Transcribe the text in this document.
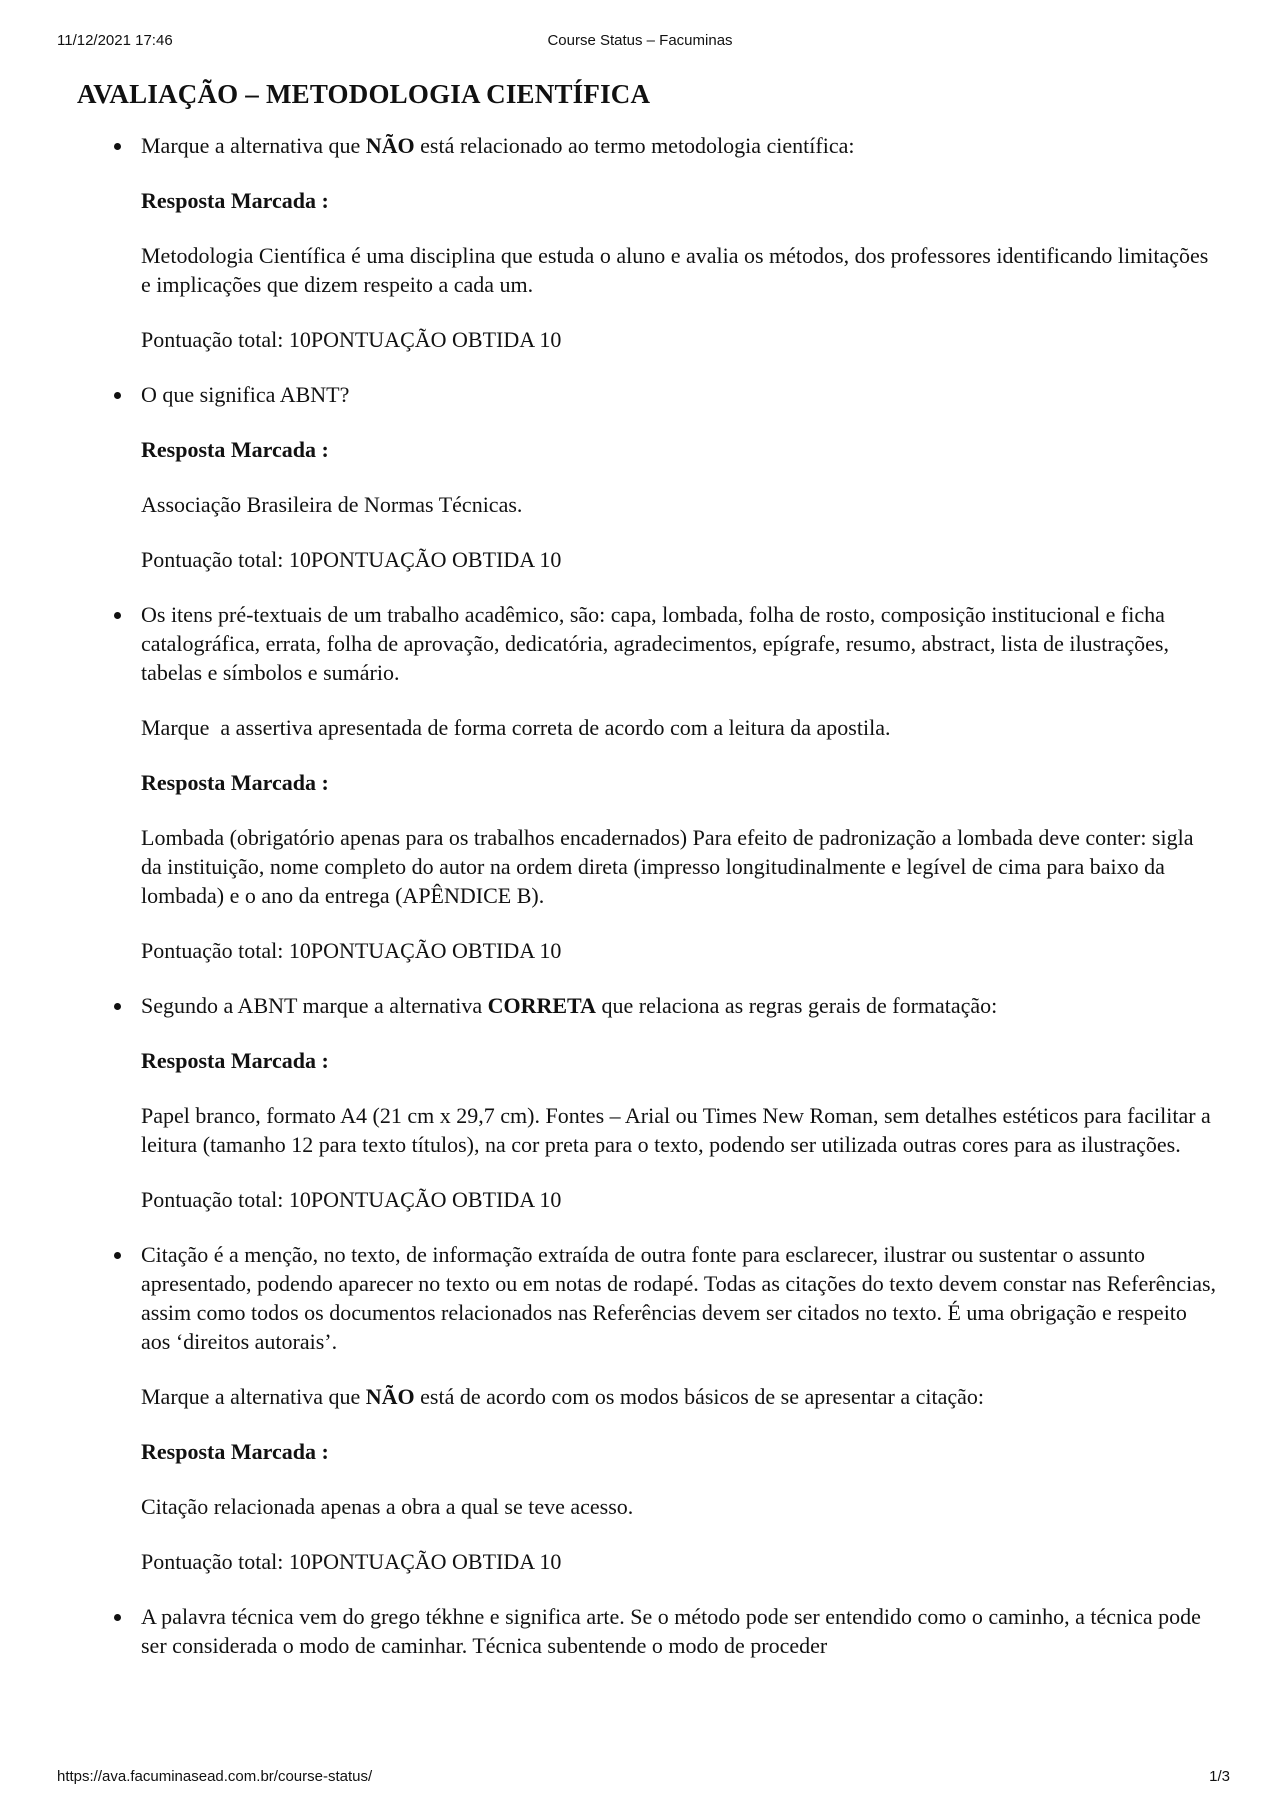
11/12/2021 17:46	Course Status – Facuminas
AVALIAÇÃO – METODOLOGIA CIENTÍFICA

Marque a alternativa que NÃO está relacionado ao termo metodologia científica:

Resposta Marcada :

Metodologia Científica é uma disciplina que estuda o aluno e avalia os métodos, dos professores identificando limitações e implicações que dizem respeito a cada um.

Pontuação total: 10PONTUAÇÃO OBTIDA 10

O que significa ABNT?

Resposta Marcada :

Associação Brasileira de Normas Técnicas.

Pontuação total: 10PONTUAÇÃO OBTIDA 10

Os itens pré-textuais de um trabalho acadêmico, são: capa, lombada, folha de rosto, composição institucional e ficha catalográfica, errata, folha de aprovação, dedicatória, agradecimentos, epígrafe, resumo, abstract, lista de ilustrações, tabelas e símbolos e sumário.

Marque  a assertiva apresentada de forma correta de acordo com a leitura da apostila.

Resposta Marcada :

Lombada (obrigatório apenas para os trabalhos encadernados) Para efeito de padronização a lombada deve conter: sigla da instituição, nome completo do autor na ordem direta (impresso longitudinalmente e legível de cima para baixo da lombada) e o ano da entrega (APÊNDICE B).

Pontuação total: 10PONTUAÇÃO OBTIDA 10

Segundo a ABNT marque a alternativa CORRETA que relaciona as regras gerais de formatação:

Resposta Marcada :

Papel branco, formato A4 (21 cm x 29,7 cm). Fontes – Arial ou Times New Roman, sem detalhes estéticos para facilitar a leitura (tamanho 12 para texto títulos), na cor preta para o texto, podendo ser utilizada outras cores para as ilustrações.

Pontuação total: 10PONTUAÇÃO OBTIDA 10

Citação é a menção, no texto, de informação extraída de outra fonte para esclarecer, ilustrar ou sustentar o assunto apresentado, podendo aparecer no texto ou em notas de rodapé. Todas as citações do texto devem constar nas Referências, assim como todos os documentos relacionados nas Referências devem ser citados no texto. É uma obrigação e respeito aos ‘direitos autorais’.

Marque a alternativa que NÃO está de acordo com os modos básicos de se apresentar a citação:

Resposta Marcada :

Citação relacionada apenas a obra a qual se teve acesso.

Pontuação total: 10PONTUAÇÃO OBTIDA 10

A palavra técnica vem do grego tékhne e significa arte. Se o método pode ser entendido como o caminho, a técnica pode ser considerada o modo de caminhar. Técnica subentende o modo de proceder

https://ava.facuminasead.com.br/course-status/	1/3
